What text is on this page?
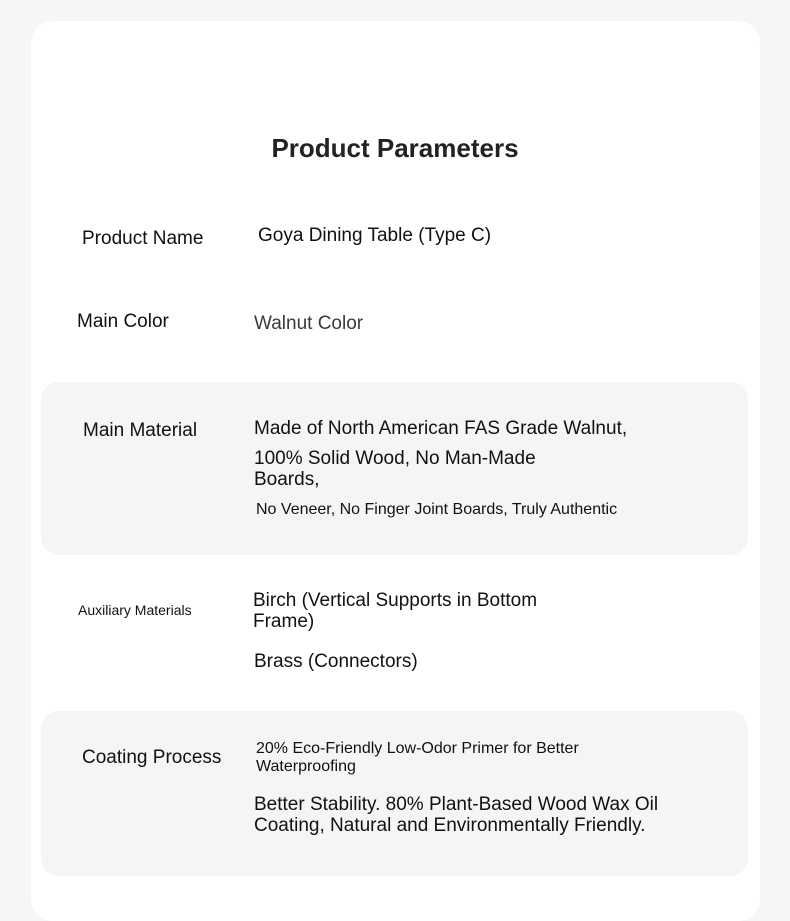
Product Parameters

Product Name	Goya Dining Table (Type C)

Main Color	Walnut Color

Main Material	Made of North American FAS Grade Walnut,

100% Solid Wood, No Man-Made Boards,

No Veneer, No Finger Joint Boards, Truly Authentic

Auxiliary Materials	Birch (Vertical Supports in Bottom Frame)

Brass (Connectors)

Coating Process 20% Eco-Friendly Low-Odor Primer for Better Waterproofing

Better Stability. 80% Plant-Based Wood Wax Oil Coating, Natural and Environmentally Friendly.
